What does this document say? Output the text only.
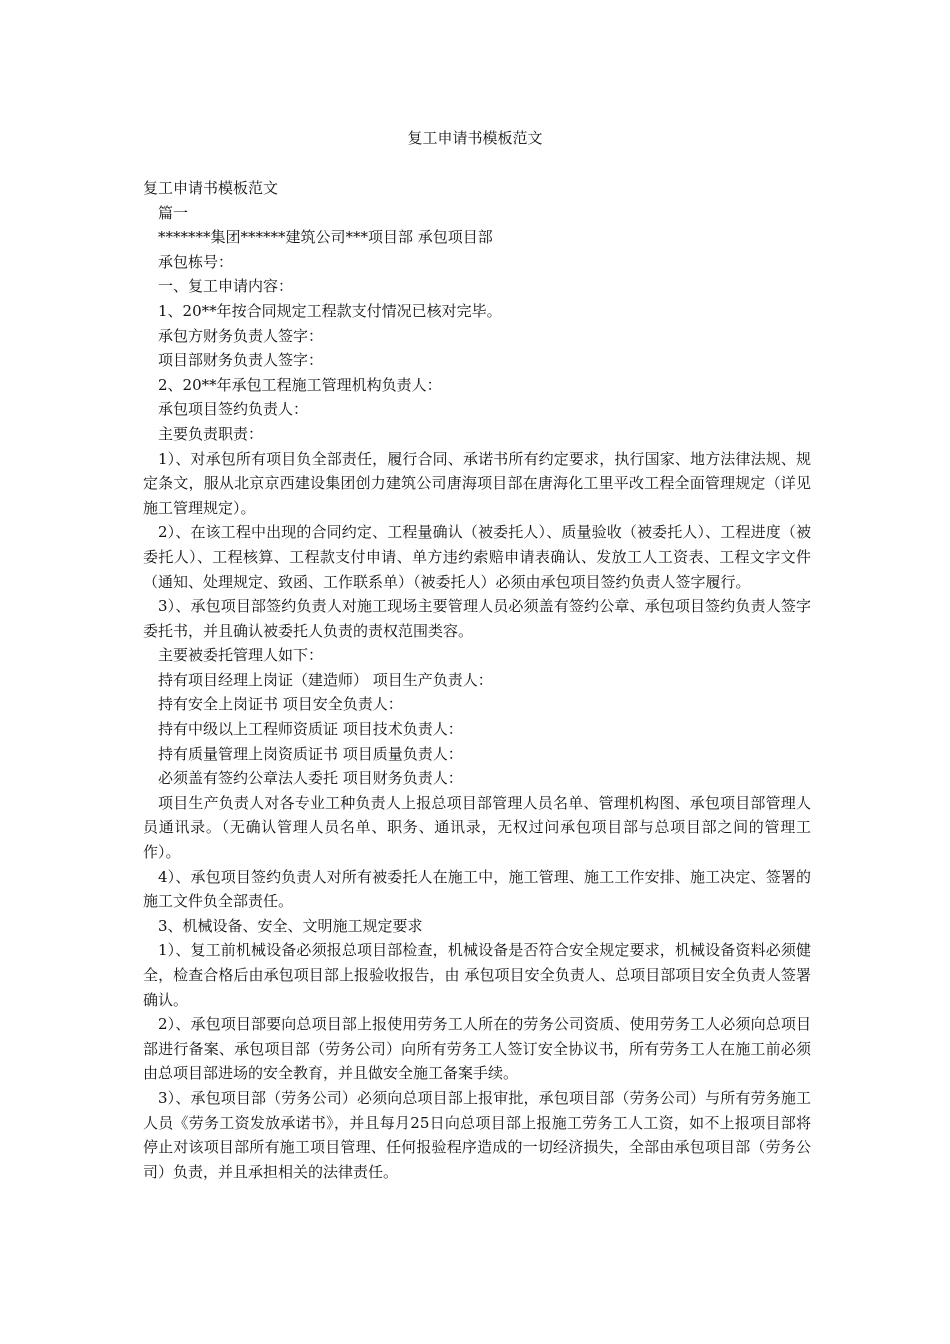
复工申请书模板范文

复工申请书模板范文

篇一

*******集团******建筑公司***项目部 承包项目部

承包栋号：

一、复工申请内容：

1、20**年按合同规定工程款支付情况已核对完毕。

承包方财务负责人签字：

项目部财务负责人签字：

2、20**年承包工程施工管理机构负责人：

承包项目签约负责人：

主要负责职责：

1）、对承包所有项目负全部责任，履行合同、承诺书所有约定要求，执行国家、地方法律法规、规定条文，服从北京京西建设集团创力建筑公司唐海项目部在唐海化工里平改工程全面管理规定（详见施工管理规定）。

2）、在该工程中出现的合同约定、工程量确认（被委托人）、质量验收（被委托人）、工程进度（被委托人）、工程核算、工程款支付申请、单方违约索赔申请表确认、发放工人工资表、工程文字文件（通知、处理规定、致函、工作联系单）（被委托人）必须由承包项目签约负责人签字履行。

3）、承包项目部签约负责人对施工现场主要管理人员必须盖有签约公章、承包项目签约负责人签字委托书，并且确认被委托人负责的责权范围类容。

主要被委托管理人如下：

持有项目经理上岗证（建造师） 项目生产负责人：

持有安全上岗证书 项目安全负责人：

持有中级以上工程师资质证 项目技术负责人：

持有质量管理上岗资质证书 项目质量负责人：

必须盖有签约公章法人委托 项目财务负责人：

项目生产负责人对各专业工种负责人上报总项目部管理人员名单、管理机构图、承包项目部管理人员通讯录。（无确认管理人员名单、职务、通讯录，无权过问承包项目部与总项目部之间的管理工作）。

4）、承包项目签约负责人对所有被委托人在施工中，施工管理、施工工作安排、施工决定、签署的施工文件负全部责任。

3、机械设备、安全、文明施工规定要求

1）、复工前机械设备必须报总项目部检查，机械设备是否符合安全规定要求，机械设备资料必须健全，检查合格后由承包项目部上报验收报告，由 承包项目安全负责人、总项目部项目安全负责人签署确认。

2）、承包项目部要向总项目部上报使用劳务工人所在的劳务公司资质、使用劳务工人必须向总项目部进行备案、承包项目部（劳务公司）向所有劳务工人签订安全协议书，所有劳务工人在施工前必须由总项目部进场的安全教育，并且做安全施工备案手续。

3）、承包项目部（劳务公司）必须向总项目部上报审批，承包项目部（劳务公司）与所有劳务施工人员《劳务工资发放承诺书》，并且每月25日向总项目部上报施工劳务工人工资，如不上报项目部将停止对该项目部所有施工项目管理、任何报验程序造成的一切经济损失，全部由承包项目部（劳务公司）负责，并且承担相关的法律责任。
